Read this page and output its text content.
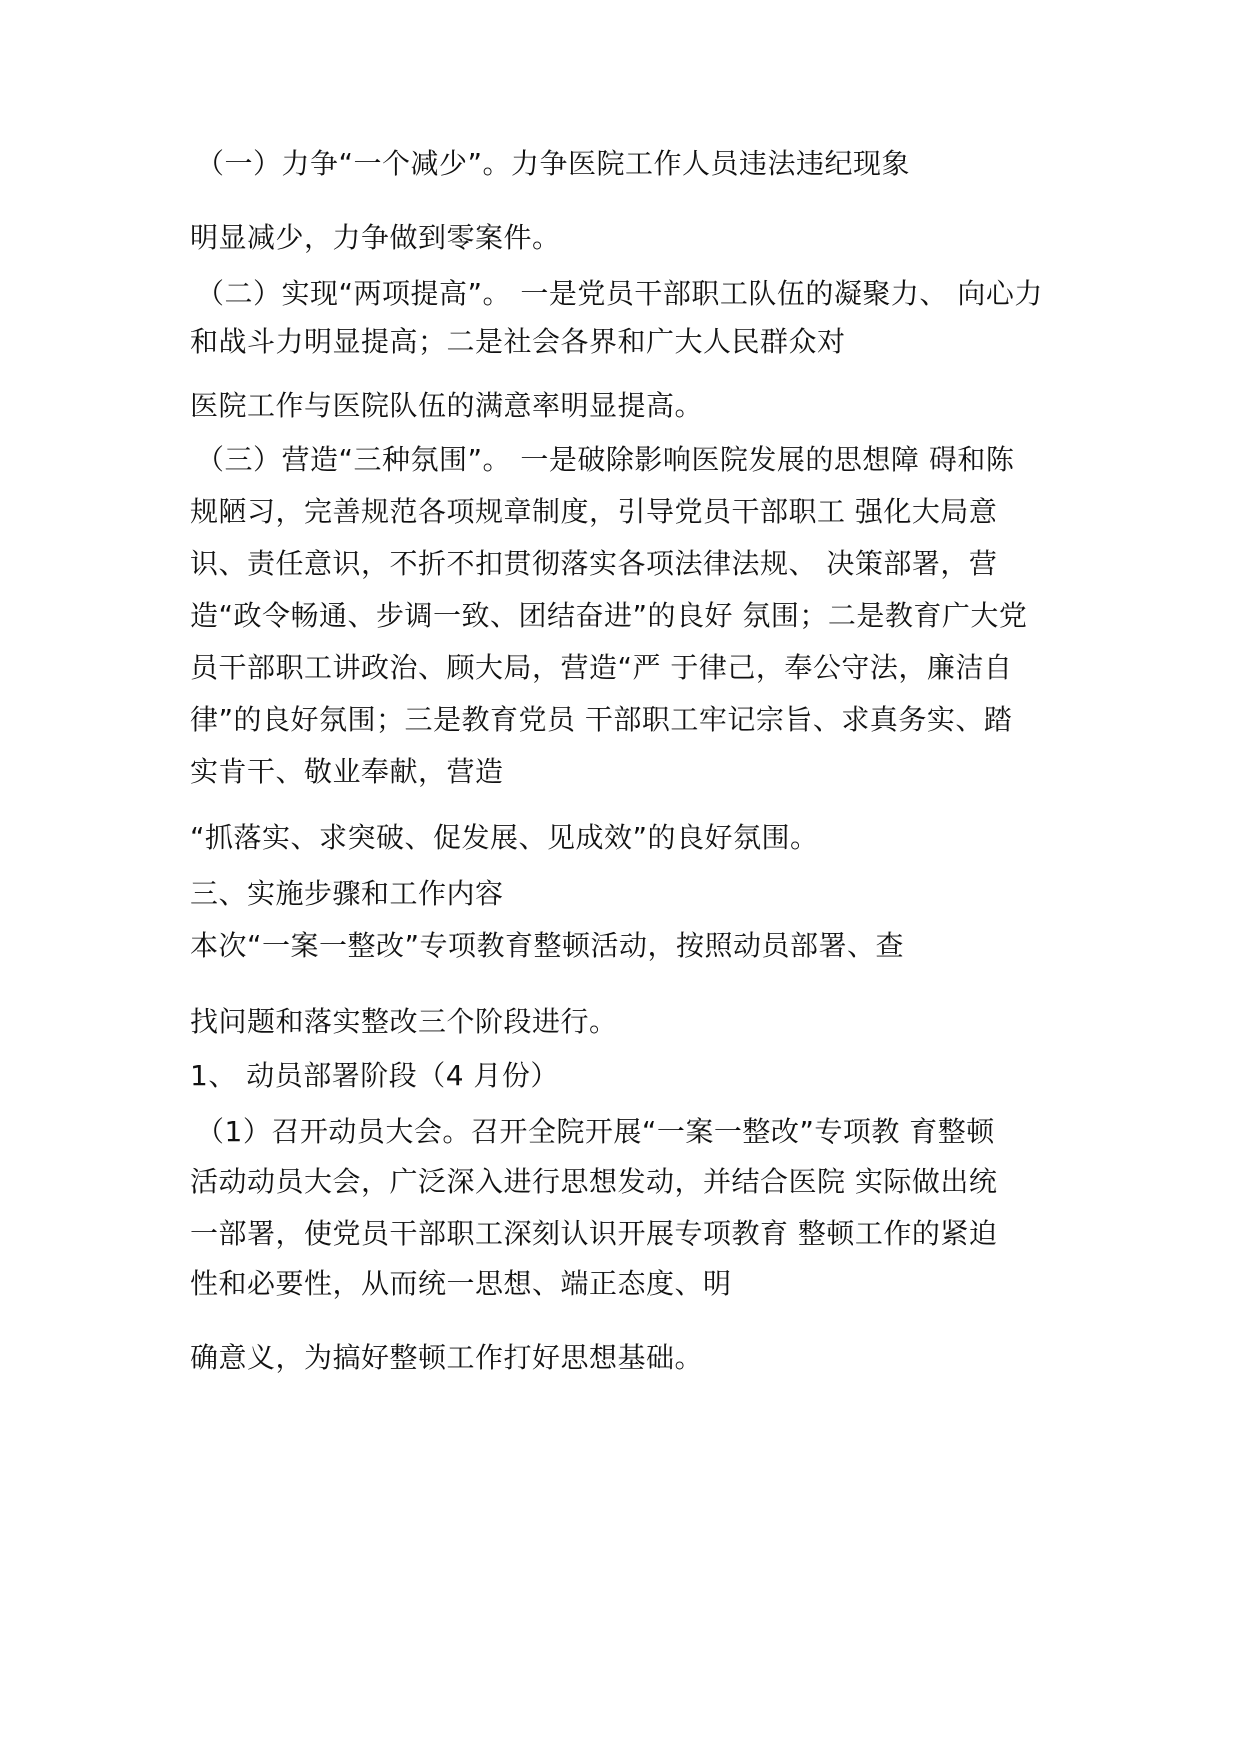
（一）力争“一个减少”。力争医院工作人员违法违纪现象
明显减少，力争做到零案件。
（二）实现“两项提高”。 一是党员干部职工队伍的凝聚力、 向心力
和战斗力明显提高；二是社会各界和广大人民群众对
医院工作与医院队伍的满意率明显提高。
（三）营造“三种氛围”。 一是破除影响医院发展的思想障 碍和陈
规陋习，完善规范各项规章制度，引导党员干部职工 强化大局意
识、责任意识，不折不扣贯彻落实各项法律法规、 决策部署，营
造“政令畅通、步调一致、团结奋进”的良好 氛围；二是教育广大党
员干部职工讲政治、顾大局，营造“严 于律己，奉公守法，廉洁自
律”的良好氛围；三是教育党员 干部职工牢记宗旨、求真务实、踏
实肯干、敬业奉献，营造
“抓落实、求突破、促发展、见成效”的良好氛围。
三、实施步骤和工作内容
本次“一案一整改”专项教育整顿活动，按照动员部署、查
找问题和落实整改三个阶段进行。
1、 动员部署阶段（4 月份）
（1）召开动员大会。召开全院开展“一案一整改”专项教 育整顿
活动动员大会，广泛深入进行思想发动，并结合医院 实际做出统
一部署，使党员干部职工深刻认识开展专项教育 整顿工作的紧迫
性和必要性，从而统一思想、端正态度、明
确意义，为搞好整顿工作打好思想基础。
